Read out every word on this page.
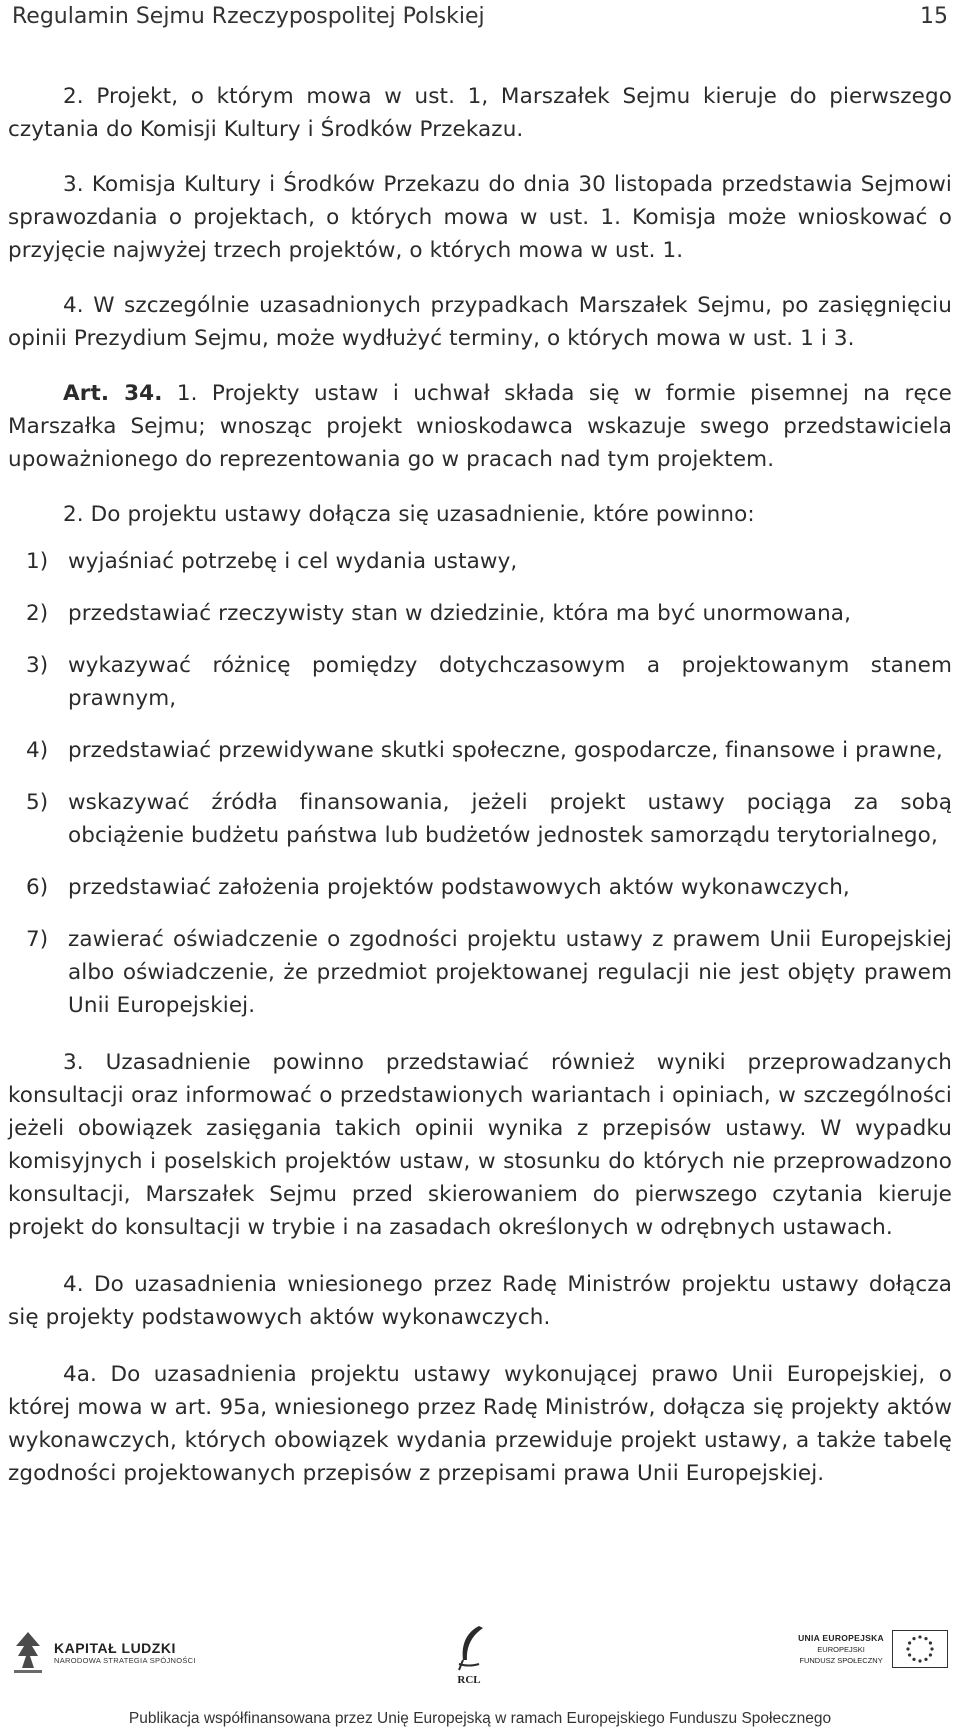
Regulamin Sejmu Rzeczypospolitej Polskiej	15

2. Projekt, o którym mowa w ust. 1, Marszałek Sejmu kieruje do pierwszego czytania do Komisji Kultury i Środków Przekazu.

3. Komisja Kultury i Środków Przekazu do dnia 30 listopada przedstawia Sejmowi sprawozdania o projektach, o których mowa w ust. 1. Komisja może wnioskować o przyjęcie najwyżej trzech projektów, o których mowa w ust. 1.

4. W szczególnie uzasadnionych przypadkach Marszałek Sejmu, po zasięgnięciu opinii Prezydium Sejmu, może wydłużyć terminy, o których mowa w ust. 1 i 3.

Art. 34. 1. Projekty ustaw i uchwał składa się w formie pisemnej na ręce Marszałka Sejmu; wnosząc projekt wnioskodawca wskazuje swego przedstawiciela upoważnionego do reprezentowania go w pracach nad tym projektem.

2. Do projektu ustawy dołącza się uzasadnienie, które powinno:

1) wyjaśniać potrzebę i cel wydania ustawy,
2) przedstawiać rzeczywisty stan w dziedzinie, która ma być unormowana,
3) wykazywać różnicę pomiędzy dotychczasowym a projektowanym stanem prawnym,
4) przedstawiać przewidywane skutki społeczne, gospodarcze, finansowe i prawne,
5) wskazywać źródła finansowania, jeżeli projekt ustawy pociąga za sobą obciążenie budżetu państwa lub budżetów jednostek samorządu terytorialnego,
6) przedstawiać założenia projektów podstawowych aktów wykonawczych,
7) zawierać oświadczenie o zgodności projektu ustawy z prawem Unii Europejskiej albo oświadczenie, że przedmiot projektowanej regulacji nie jest objęty prawem Unii Europejskiej.

3. Uzasadnienie powinno przedstawiać również wyniki przeprowadzanych konsultacji oraz informować o przedstawionych wariantach i opiniach, w szczególności jeżeli obowiązek zasięgania takich opinii wynika z przepisów ustawy. W wypadku komisyjnych i poselskich projektów ustaw, w stosunku do których nie przeprowadzono konsultacji, Marszałek Sejmu przed skierowaniem do pierwszego czytania kieruje projekt do konsultacji w trybie i na zasadach określonych w odrębnych ustawach.

4. Do uzasadnienia wniesionego przez Radę Ministrów projektu ustawy dołącza się projekty podstawowych aktów wykonawczych.

4a. Do uzasadnienia projektu ustawy wykonującej prawo Unii Europejskiej, o której mowa w art. 95a, wniesionego przez Radę Ministrów, dołącza się projekty aktów wykonawczych, których obowiązek wydania przewiduje projekt ustawy, a także tabelę zgodności projektowanych przepisów z przepisami prawa Unii Europejskiej.

KAPITAŁ LUDZKI
NARODOWA STRATEGIA SPÓJNOŚCI
RCL
UNIA EUROPEJSKA
EUROPEJSKI
FUNDUSZ SPOŁECZNY
Publikacja współfinansowana przez Unię Europejską w ramach Europejskiego Funduszu Społecznego
